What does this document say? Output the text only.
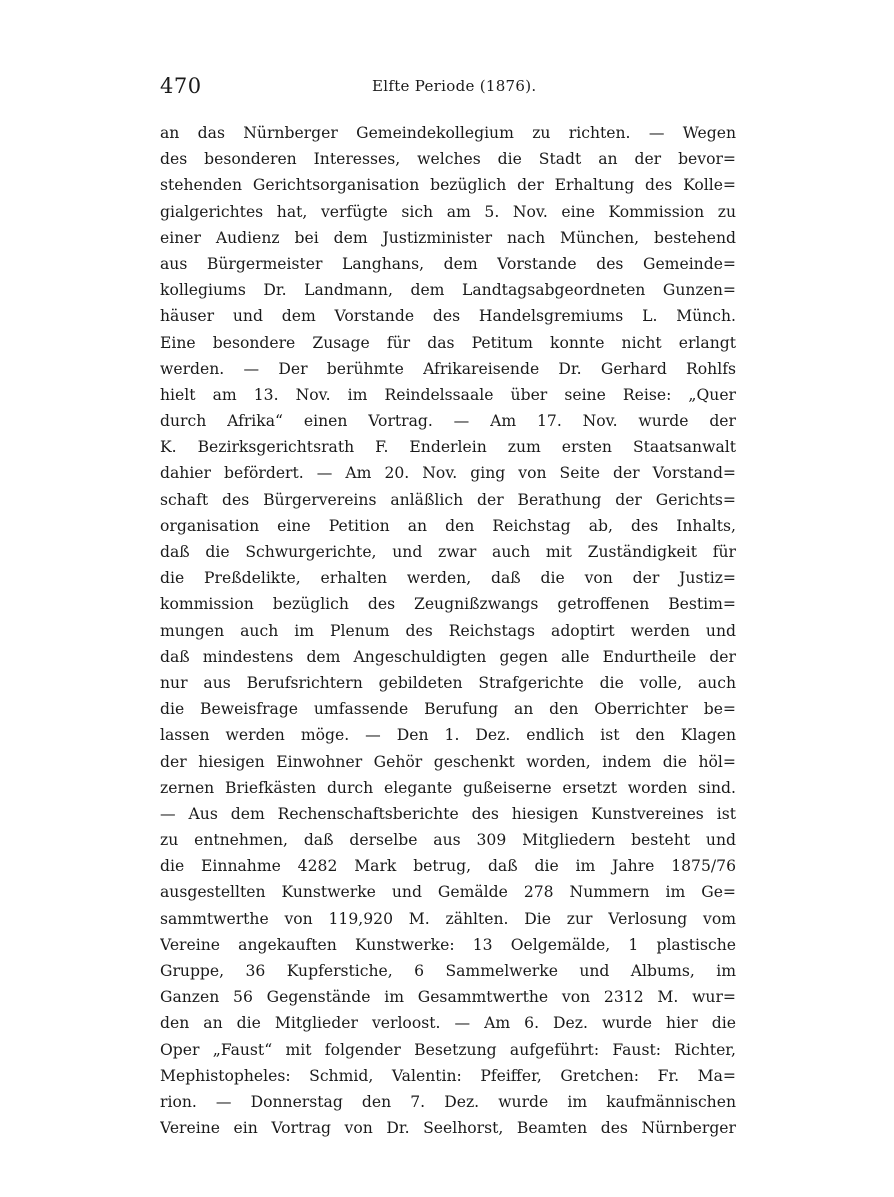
470	Elfte Periode (1876).
an das Nürnberger Gemeindekollegium zu richten. — Wegen
des besonderen Interesses, welches die Stadt an der bevor=
stehenden Gerichtsorganisation bezüglich der Erhaltung des Kolle=
gialgerichtes hat, verfügte sich am 5. Nov. eine Kommission zu
einer Audienz bei dem Justizminister nach München, bestehend
aus Bürgermeister Langhans, dem Vorstande des Gemeinde=
kollegiums Dr. Landmann, dem Landtagsabgeordneten Gunzen=
häuser und dem Vorstande des Handelsgremiums L. Münch.
Eine besondere Zusage für das Petitum konnte nicht erlangt
werden. — Der berühmte Afrikareisende Dr. Gerhard Rohlfs
hielt am 13. Nov. im Reindelssaale über seine Reise: „Quer
durch Afrika“ einen Vortrag. — Am 17. Nov. wurde der
K. Bezirksgerichtsrath F. Enderlein zum ersten Staatsanwalt
dahier befördert. — Am 20. Nov. ging von Seite der Vorstand=
schaft des Bürgervereins anläßlich der Berathung der Gerichts=
organisation eine Petition an den Reichstag ab, des Inhalts,
daß die Schwurgerichte, und zwar auch mit Zuständigkeit für
die Preßdelikte, erhalten werden, daß die von der Justiz=
kommission bezüglich des Zeugnißzwangs getroffenen Bestim=
mungen auch im Plenum des Reichstags adoptirt werden und
daß mindestens dem Angeschuldigten gegen alle Endurtheile der
nur aus Berufsrichtern gebildeten Strafgerichte die volle, auch
die Beweisfrage umfassende Berufung an den Oberrichter be=
lassen werden möge. — Den 1. Dez. endlich ist den Klagen
der hiesigen Einwohner Gehör geschenkt worden, indem die höl=
zernen Briefkästen durch elegante gußeiserne ersetzt worden sind.
— Aus dem Rechenschaftsberichte des hiesigen Kunstvereines ist
zu entnehmen, daß derselbe aus 309 Mitgliedern besteht und
die Einnahme 4282 Mark betrug, daß die im Jahre 1875/76
ausgestellten Kunstwerke und Gemälde 278 Nummern im Ge=
sammtwerthe von 119,920 M. zählten. Die zur Verlosung vom
Vereine angekauften Kunstwerke: 13 Oelgemälde, 1 plastische
Gruppe, 36 Kupferstiche, 6 Sammelwerke und Albums, im
Ganzen 56 Gegenstände im Gesammtwerthe von 2312 M. wur=
den an die Mitglieder verloost. — Am 6. Dez. wurde hier die
Oper „Faust“ mit folgender Besetzung aufgeführt: Faust: Richter,
Mephistopheles: Schmid, Valentin: Pfeiffer, Gretchen: Fr. Ma=
rion. — Donnerstag den 7. Dez. wurde im kaufmännischen
Vereine ein Vortrag von Dr. Seelhorst, Beamten des Nürnberger
